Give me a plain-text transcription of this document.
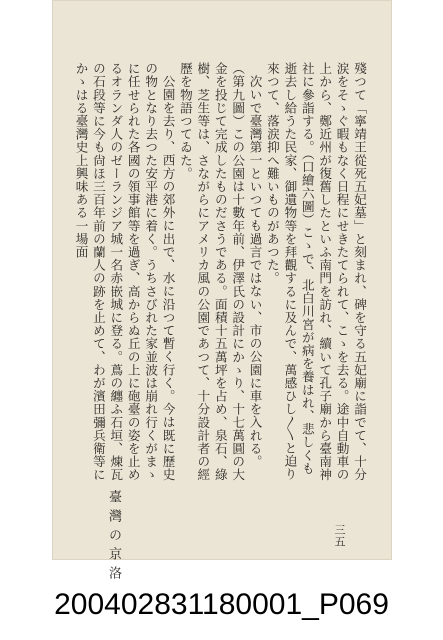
殘つて「寧靖王從死五妃墓」と刻まれ、碑を守る五妃廟に詣でて、十分涙をそゝぐ暇もなく日程にせきたてられて、こゝを去る。途中自動車の上から、鄭近州が復舊したといふ南門を訪れ、續いて孔子廟から臺南神社に參詣する。（口繪六圖）こゝで、北白川宮が病を養はれ、悲しくも逝去し給うた民家、御遺物等を拜觀するに及んで、萬感ひし〳〵と迫り來つて、落涙抑へ難いものがあつた。

次いで臺灣第一といつても過言ではない、市の公園に車を入れる。（第九圖）この公園は十數年前、伊澤氏の設計にかゝり、十七萬圓の大金を投じて完成したものださうである。面積十五萬坪を占め、泉石、綠樹、芝生等は、さながらにアメリカ風の公園であつて、十分設計者の經歷を物語つてゐた。

公園を去り、西方の郊外に出で、水に沿つて暫く行く。今は既に歷史の物となり去つた安平港に着く。うちさびれた家並波は崩れ行くがまゝに任せられた各國の領事館等を過ぎ、高からぬ丘の上に砲臺の姿を止めるオランダ人のゼーランジア城一名赤嵌城に登る。蔦の纏ふ石垣、煉瓦の石段等に今も尙ほ三百年前の蘭人の跡を止めて、わが濱田彌兵衛等にかゝはる臺灣史上興味ある一場面

臺灣の京洛	三五
200402831180001_P069
